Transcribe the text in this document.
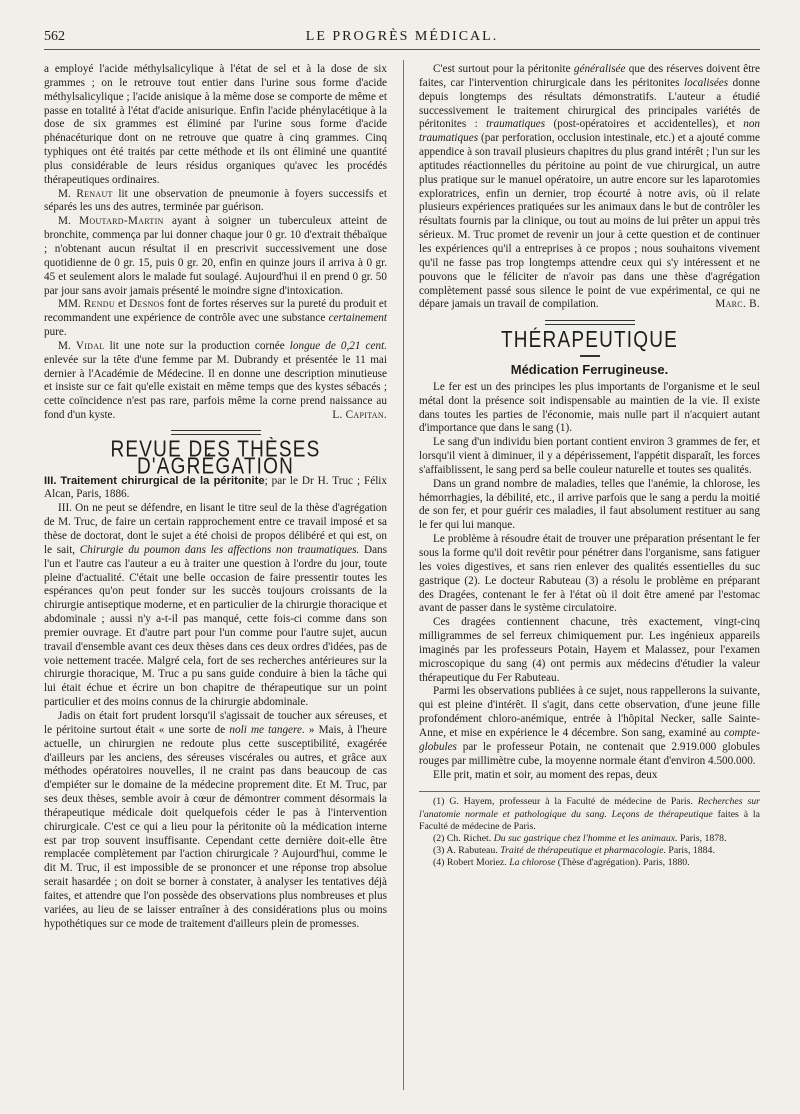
562	LE PROGRÈS MÉDICAL.

a employé l'acide méthylsalicylique à l'état de sel et à la dose de six grammes ; on le retrouve tout entier dans l'urine sous forme d'acide méthylsalicylique ; l'acide anisique à la même dose se comporte de même et passe en totalité à l'état d'acide anisurique. Enfin l'acide phénylacétique à la dose de six grammes est éliminé par l'urine sous forme d'acide phénacéturique dont on ne retrouve que quatre à cinq grammes. Cinq typhiques ont été traités par cette méthode et ils ont éliminé une quantité plus considérable de leurs résidus organiques qu'avec les procédés thérapeutiques ordinaires.

M. Renaut lit une observation de pneumonie à foyers successifs et séparés les uns des autres, terminée par guérison.

M. Moutard-Martin ayant à soigner un tuberculeux atteint de bronchite, commença par lui donner chaque jour 0 gr. 10 d'extrait thébaïque ; n'obtenant aucun résultat il en prescrivit successivement une dose quotidienne de 0 gr. 15, puis 0 gr. 20, enfin en quinze jours il arriva à 0 gr. 45 et seulement alors le malade fut soulagé. Aujourd'hui il en prend 0 gr. 50 par jour sans avoir jamais présenté le moindre signe d'intoxication.

MM. Rendu et Desnos font de fortes réserves sur la pureté du produit et recommandent une expérience de contrôle avec une substance certainement pure.

M. Vidal lit une note sur la production cornée longue de 0,21 cent. enlevée sur la tête d'une femme par M. Dubrandy et présentée le 11 mai dernier à l'Académie de Médecine. Il en donne une description minutieuse et insiste sur ce fait qu'elle existait en même temps que des kystes sébacés ; cette coïncidence n'est pas rare, parfois même la corne prend naissance au fond d'un kyste.	L. Capitan.

REVUE DES THÈSES D'AGRÉGATION

III. Traitement chirurgical de la péritonite; par le Dr H. Truc ; Félix Alcan, Paris, 1886.

III. On ne peut se défendre, en lisant le titre seul de la thèse d'agrégation de M. Truc, de faire un certain rapprochement entre ce travail imposé et sa thèse de doctorat, dont le sujet a été choisi de propos délibéré et qui est, on le sait, Chirurgie du poumon dans les affections non traumatiques. Dans l'un et l'autre cas l'auteur a eu à traiter une question à l'ordre du jour, toute pleine d'actualité. C'était une belle occasion de faire pressentir toutes les espérances qu'on peut fonder sur les succès toujours croissants de la chirurgie antiseptique moderne, et en particulier de la chirurgie thoracique et abdominale ; aussi n'y a-t-il pas manqué, cette fois-ci comme dans son premier ouvrage. Et d'autre part pour l'un comme pour l'autre sujet, aucun travail d'ensemble avant ces deux thèses dans ces deux ordres d'idées, pas de voie nettement tracée. Malgré cela, fort de ses recherches antérieures sur la chirurgie thoracique, M. Truc a pu sans guide conduire à bien la tâche qui lui était échue et écrire un bon chapitre de thérapeutique sur un point particulier et des moins connus de la chirurgie abdominale.

Jadis on était fort prudent lorsqu'il s'agissait de toucher aux séreuses, et le péritoine surtout était « une sorte de noli me tangere. » Mais, à l'heure actuelle, un chirurgien ne redoute plus cette susceptibilité, exagérée d'ailleurs par les anciens, des séreuses viscérales ou autres, et grâce aux méthodes opératoires nouvelles, il ne craint pas dans beaucoup de cas d'empiéter sur le domaine de la médecine proprement dite. Et M. Truc, par ses deux thèses, semble avoir à cœur de démontrer comment désormais la thérapeutique médicale doit quelquefois céder le pas à l'intervention chirurgicale. C'est ce qui a lieu pour la péritonite où la médication interne est par trop souvent insuffisante. Cependant cette dernière doit-elle être remplacée complètement par l'action chirurgicale ? Aujourd'hui, comme le dit M. Truc, il est impossible de se prononcer et une réponse trop absolue serait hasardée ; on doit se borner à constater, à analyser les tentatives déjà faites, et attendre que l'on possède des observations plus nombreuses et plus variées, au lieu de se laisser entraîner à des considérations plus ou moins hypothétiques sur ce mode de traitement d'ailleurs plein de promesses.

C'est surtout pour la péritonite généralisée que des réserves doivent être faites, car l'intervention chirurgicale dans les péritonites localisées donne depuis longtemps des résultats démonstratifs. L'auteur a étudié successivement le traitement chirurgical des principales variétés de péritonites : traumatiques (post-opératoires et accidentelles), et non traumatiques (par perforation, occlusion intestinale, etc.) et a ajouté comme appendice à son travail plusieurs chapitres du plus grand intérêt ; l'un sur les aptitudes réactionnelles du péritoine au point de vue chirurgical, un autre plus pratique sur le manuel opératoire, un autre encore sur les laparotomies exploratrices, enfin un dernier, trop écourté à notre avis, où il relate plusieurs expériences pratiquées sur les animaux dans le but de contrôler les résultats fournis par la clinique, ou tout au moins de lui prêter un appui très sérieux. M. Truc promet de revenir un jour à cette question et de continuer les expériences qu'il a entreprises à ce propos ; nous souhaitons vivement qu'il ne fasse pas trop longtemps attendre ceux qui s'y intéressent et ne pouvons que le féliciter de n'avoir pas dans une thèse d'agrégation complètement passé sous silence le point de vue expérimental, ce qui ne dépare jamais un travail de compilation.	Marc. B.

THÉRAPEUTIQUE
Médication Ferrugineuse.

Le fer est un des principes les plus importants de l'organisme et le seul métal dont la présence soit indispensable au maintien de la vie. Il existe dans toutes les parties de l'économie, mais nulle part il n'acquiert autant d'importance que dans le sang (1).

Le sang d'un individu bien portant contient environ 3 grammes de fer, et lorsqu'il vient à diminuer, il y a dépérissement, l'appétit disparaît, les forces s'affaiblissent, le sang perd sa belle couleur naturelle et toutes ses qualités.

Dans un grand nombre de maladies, telles que l'anémie, la chlorose, les hémorrhagies, la débilité, etc., il arrive parfois que le sang a perdu la moitié de son fer, et pour guérir ces maladies, il faut absolument restituer au sang le fer qui lui manque.

Le problème à résoudre était de trouver une préparation présentant le fer sous la forme qu'il doit revêtir pour pénétrer dans l'organisme, sans fatiguer les voies digestives, et sans rien enlever des qualités essentielles du suc gastrique (2). Le docteur Rabuteau (3) a résolu le problème en préparant des Dragées, contenant le fer à l'état où il doit être amené par l'estomac avant de passer dans le système circulatoire.

Ces dragées contiennent chacune, très exactement, vingt-cinq milligrammes de sel ferreux chimiquement pur. Les ingénieux appareils imaginés par les professeurs Potain, Hayem et Malassez, pour l'examen microscopique du sang (4) ont permis aux médecins d'étudier la valeur thérapeutique du Fer Rabuteau.

Parmi les observations publiées à ce sujet, nous rappellerons la suivante, qui est pleine d'intérêt. Il s'agit, dans cette observation, d'une jeune fille profondément chloro-anémique, entrée à l'hôpital Necker, salle Sainte-Anne, et mise en expérience le 4 décembre. Son sang, examiné au compte-globules par le professeur Potain, ne contenait que 2.919.000 globules rouges par millimètre cube, la moyenne normale étant d'environ 4.500.000.

Elle prit, matin et soir, au moment des repas, deux

(1) G. Hayem, professeur à la Faculté de médecine de Paris. Recherches sur l'anatomie normale et pathologique du sang. Leçons de thérapeutique faites à la Faculté de médecine de Paris.
(2) Ch. Richet. Du suc gastrique chez l'homme et les animaux. Paris, 1878.
(3) A. Rabuteau. Traité de thérapeutique et pharmacologie. Paris, 1884.
(4) Robert Moriez. La chlorose (Thèse d'agrégation). Paris, 1880.
